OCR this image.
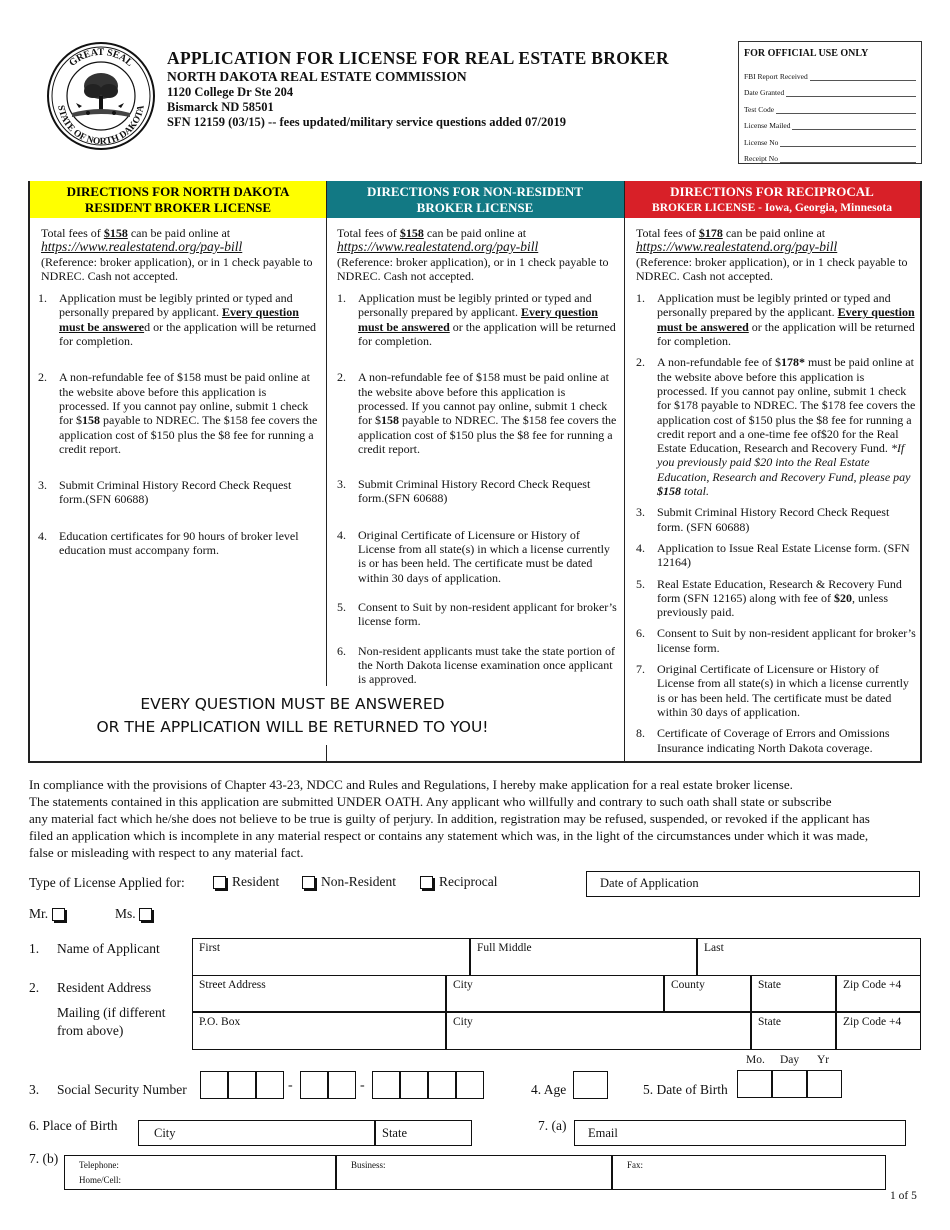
GREAT SEAL
STATE OF NORTH DAKOTA
APPLICATION FOR LICENSE FOR REAL ESTATE BROKER
NORTH DAKOTA REAL ESTATE COMMISSION
1120 College Dr Ste 204
Bismarck ND 58501
SFN 12159 (03/15) -- fees updated/military service questions added 07/2019
FOR OFFICIAL USE ONLY
FBI Report Received
Date Granted
Test Code
License Mailed
License No
Receipt No
DIRECTIONS FOR NORTH DAKOTA
RESIDENT BROKER LICENSE
DIRECTIONS FOR NON-RESIDENT
BROKER LICENSE
DIRECTIONS FOR RECIPROCAL
BROKER LICENSE - Iowa, Georgia, Minnesota

Total fees of $158 can be paid online at
https://www.realestatend.org/pay-bill
(Reference: broker application), or in 1 check payable to NDREC. Cash not accepted.

1. Application must be legibly printed or typed and personally prepared by applicant. Every question must be answered or the application will be returned for completion.
2. A non-refundable fee of $158 must be paid online at the website above before this application is processed. If you cannot pay online, submit 1 check for $158 payable to NDREC. The $158 fee covers the application cost of $150 plus the $8 fee for running a credit report.
3. Submit Criminal History Record Check Request form.(SFN 60688)
4. Education certificates for 90 hours of broker level education must accompany form.

Total fees of $158 can be paid online at
https://www.realestatend.org/pay-bill
(Reference: broker application), or in 1 check payable to NDREC. Cash not accepted.

1. Application must be legibly printed or typed and personally prepared by applicant. Every question must be answered or the application will be returned for completion.
2. A non-refundable fee of $158 must be paid online at the website above before this application is processed. If you cannot pay online, submit 1 check for $158 payable to NDREC. The $158 fee covers the application cost of $150 plus the $8 fee for running a credit report.
3. Submit Criminal History Record Check Request form.(SFN 60688)
4. Original Certificate of Licensure or History of License from all state(s) in which a license currently is or has been held. The certificate must be dated within 30 days of application.
5. Consent to Suit by non-resident applicant for broker’s license form.
6. Non-resident applicants must take the state portion of the North Dakota license examination once applicant is approved.

Total fees of $178 can be paid online at
https://www.realestatend.org/pay-bill
(Reference: broker application), or in 1 check payable to NDREC. Cash not accepted.

1. Application must be legibly printed or typed and personally prepared by the applicant. Every question must be answered or the application will be returned for completion.
2. A non-refundable fee of $178* must be paid online at the website above before this application is processed. If you cannot pay online, submit 1 check for $178 payable to NDREC. The $178 fee covers the application cost of $150 plus the $8 fee for running a credit report and a one-time fee of$20 for the Real Estate Education, Research and Recovery Fund. *If you previously paid $20 into the Real Estate Education, Research and Recovery Fund, please pay $158 total.
3. Submit Criminal History Record Check Request form. (SFN 60688)
4. Application to Issue Real Estate License form. (SFN 12164)
5. Real Estate Education, Research & Recovery Fund form (SFN 12165) along with fee of $20, unless previously paid.
6. Consent to Suit by non-resident applicant for broker’s license form.
7. Original Certificate of Licensure or History of License from all state(s) in which a license currently is or has been held. The certificate must be dated within 30 days of application.
8. Certificate of Coverage of Errors and Omissions Insurance indicating North Dakota coverage.
EVERY QUESTION MUST BE ANSWERED
OR THE APPLICATION WILL BE RETURNED TO YOU!
In compliance with the provisions of Chapter 43-23, NDCC and Rules and Regulations, I hereby make application for a real estate broker license.
The statements contained in this application are submitted UNDER OATH. Any applicant who willfully and contrary to such oath shall state or subscribe
any material fact which he/she does not believe to be true is guilty of perjury. In addition, registration may be refused, suspended, or revoked if the applicant has
filed an application which is incomplete in any material respect or contains any statement which was, in the light of the circumstances under which it was made,
false or misleading with respect to any material fact.
Type of License Applied for:	Resident	Non-Resident	Reciprocal	Date of Application
Mr.	Ms.
1. Name of Applicant	First	Full Middle	Last
2. Resident Address
Mailing (if different
from above)
Street Address	City	County	State	Zip Code +4
P.O. Box	City	State	Zip Code +4
Mo. Day Yr
3. Social Security Number	-	-	4. Age	5. Date of Birth
6. Place of Birth	City	State	7. (a)	Email
7. (b) Telephone:
Home/Cell:
Business:	Fax:
1 of 5
